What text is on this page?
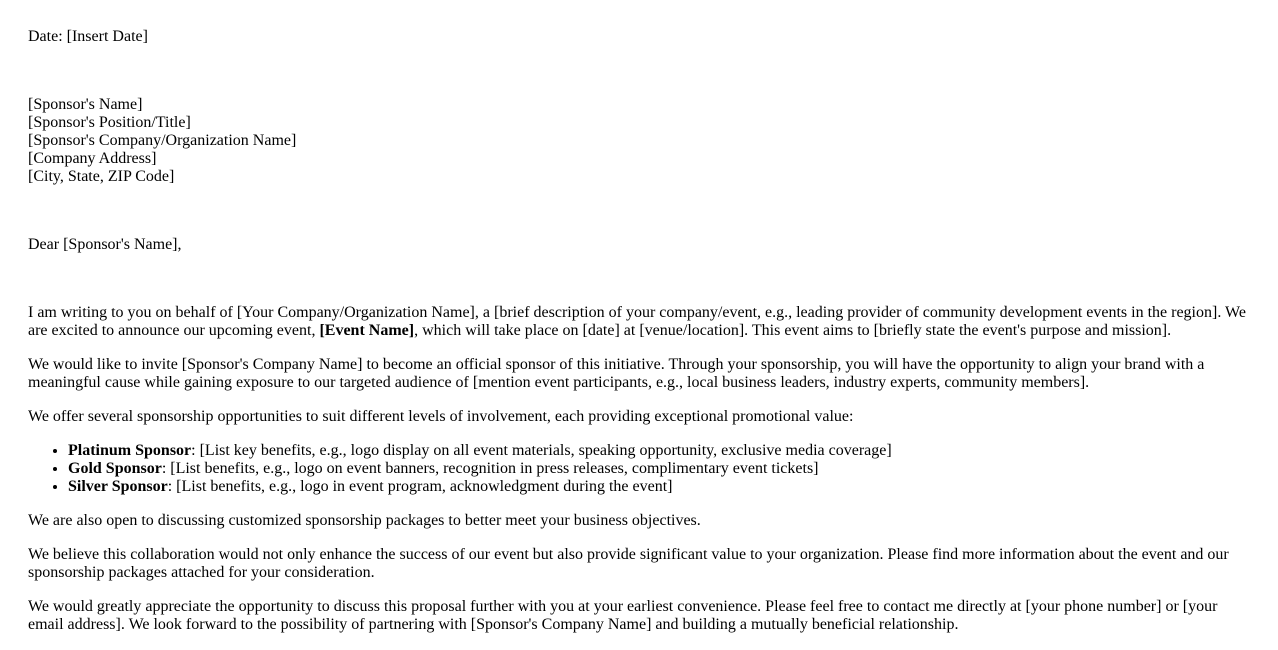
Date: [Insert Date]

[Sponsor's Name]
[Sponsor's Position/Title]
[Sponsor's Company/Organization Name]
[Company Address]
[City, State, ZIP Code]

Dear [Sponsor's Name],

I am writing to you on behalf of [Your Company/Organization Name], a [brief description of your company/event, e.g., leading provider of community development events in the region]. We are excited to announce our upcoming event, [Event Name], which will take place on [date] at [venue/location]. This event aims to [briefly state the event's purpose and mission].

We would like to invite [Sponsor's Company Name] to become an official sponsor of this initiative. Through your sponsorship, you will have the opportunity to align your brand with a meaningful cause while gaining exposure to our targeted audience of [mention event participants, e.g., local business leaders, industry experts, community members].

We offer several sponsorship opportunities to suit different levels of involvement, each providing exceptional promotional value:

• Platinum Sponsor: [List key benefits, e.g., logo display on all event materials, speaking opportunity, exclusive media coverage]
• Gold Sponsor: [List benefits, e.g., logo on event banners, recognition in press releases, complimentary event tickets]
• Silver Sponsor: [List benefits, e.g., logo in event program, acknowledgment during the event]

We are also open to discussing customized sponsorship packages to better meet your business objectives.

We believe this collaboration would not only enhance the success of our event but also provide significant value to your organization. Please find more information about the event and our sponsorship packages attached for your consideration.

We would greatly appreciate the opportunity to discuss this proposal further with you at your earliest convenience. Please feel free to contact me directly at [your phone number] or [your email address]. We look forward to the possibility of partnering with [Sponsor's Company Name] and building a mutually beneficial relationship.
